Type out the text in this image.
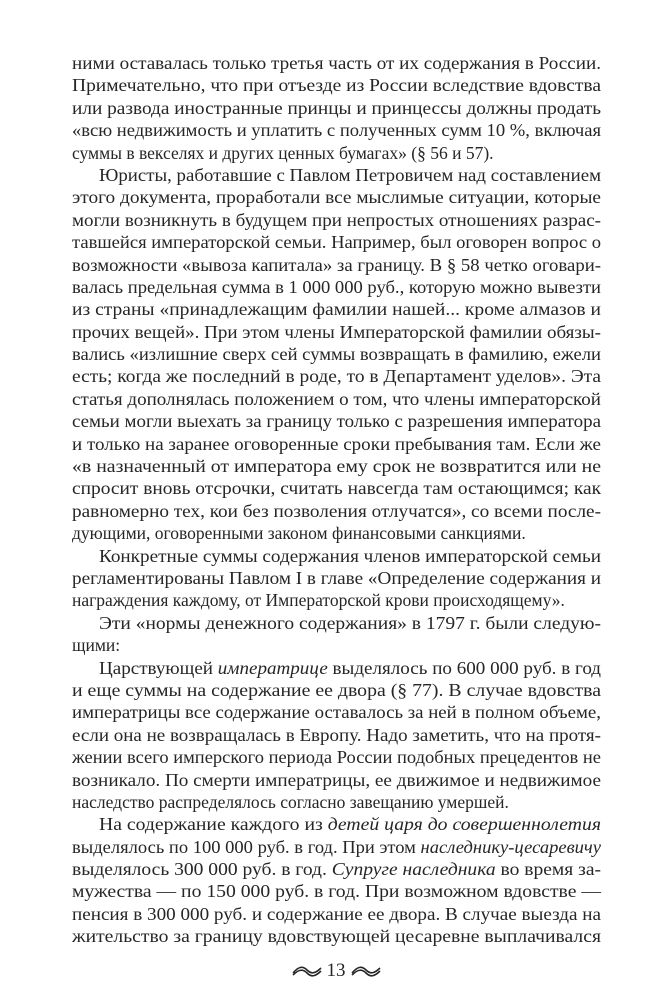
ними оставалась только третья часть от их содержания в России.
Примечательно, что при отъезде из России вследствие вдовства
или развода иностранные принцы и принцессы должны продать
«всю недвижимость и уплатить с полученных сумм 10 %, включая
суммы в векселях и других ценных бумагах» (§ 56 и 57).
Юристы, работавшие с Павлом Петровичем над составлением
этого документа, проработали все мыслимые ситуации, которые
могли возникнуть в будущем при непростых отношениях разрас-
тавшейся императорской семьи. Например, был оговорен вопрос о
возможности «вывоза капитала» за границу. В § 58 четко оговари-
валась предельная сумма в 1 000 000 руб., которую можно вывезти
из страны «принадлежащим фамилии нашей... кроме алмазов и
прочих вещей». При этом члены Императорской фамилии обязы-
вались «излишние сверх сей суммы возвращать в фамилию, ежели
есть; когда же последний в роде, то в Департамент уделов». Эта
статья дополнялась положением о том, что члены императорской
семьи могли выехать за границу только с разрешения императора
и только на заранее оговоренные сроки пребывания там. Если же
«в назначенный от императора ему срок не возвратится или не
спросит вновь отсрочки, считать навсегда там остающимся; как
равномерно тех, кои без позволения отлучатся», со всеми после-
дующими, оговоренными законом финансовыми санкциями.
Конкретные суммы содержания членов императорской семьи
регламентированы Павлом I в главе «Определение содержания и
награждения каждому, от Императорской крови происходящему».
Эти «нормы денежного содержания» в 1797 г. были следую-
щими:
Царствующей императрице выделялось по 600 000 руб. в год
и еще суммы на содержание ее двора (§ 77). В случае вдовства
императрицы все содержание оставалось за ней в полном объеме,
если она не возвращалась в Европу. Надо заметить, что на протя-
жении всего имперского периода России подобных прецедентов не
возникало. По смерти императрицы, ее движимое и недвижимое
наследство распределялось согласно завещанию умершей.
На содержание каждого из детей царя до совершеннолетия
выделялось по 100 000 руб. в год. При этом наследнику-цесаревичу
выделялось 300 000 руб. в год. Супруге наследника во время за-
мужества — по 150 000 руб. в год. При возможном вдовстве —
пенсия в 300 000 руб. и содержание ее двора. В случае выезда на
жительство за границу вдовствующей цесаревне выплачивался
13
